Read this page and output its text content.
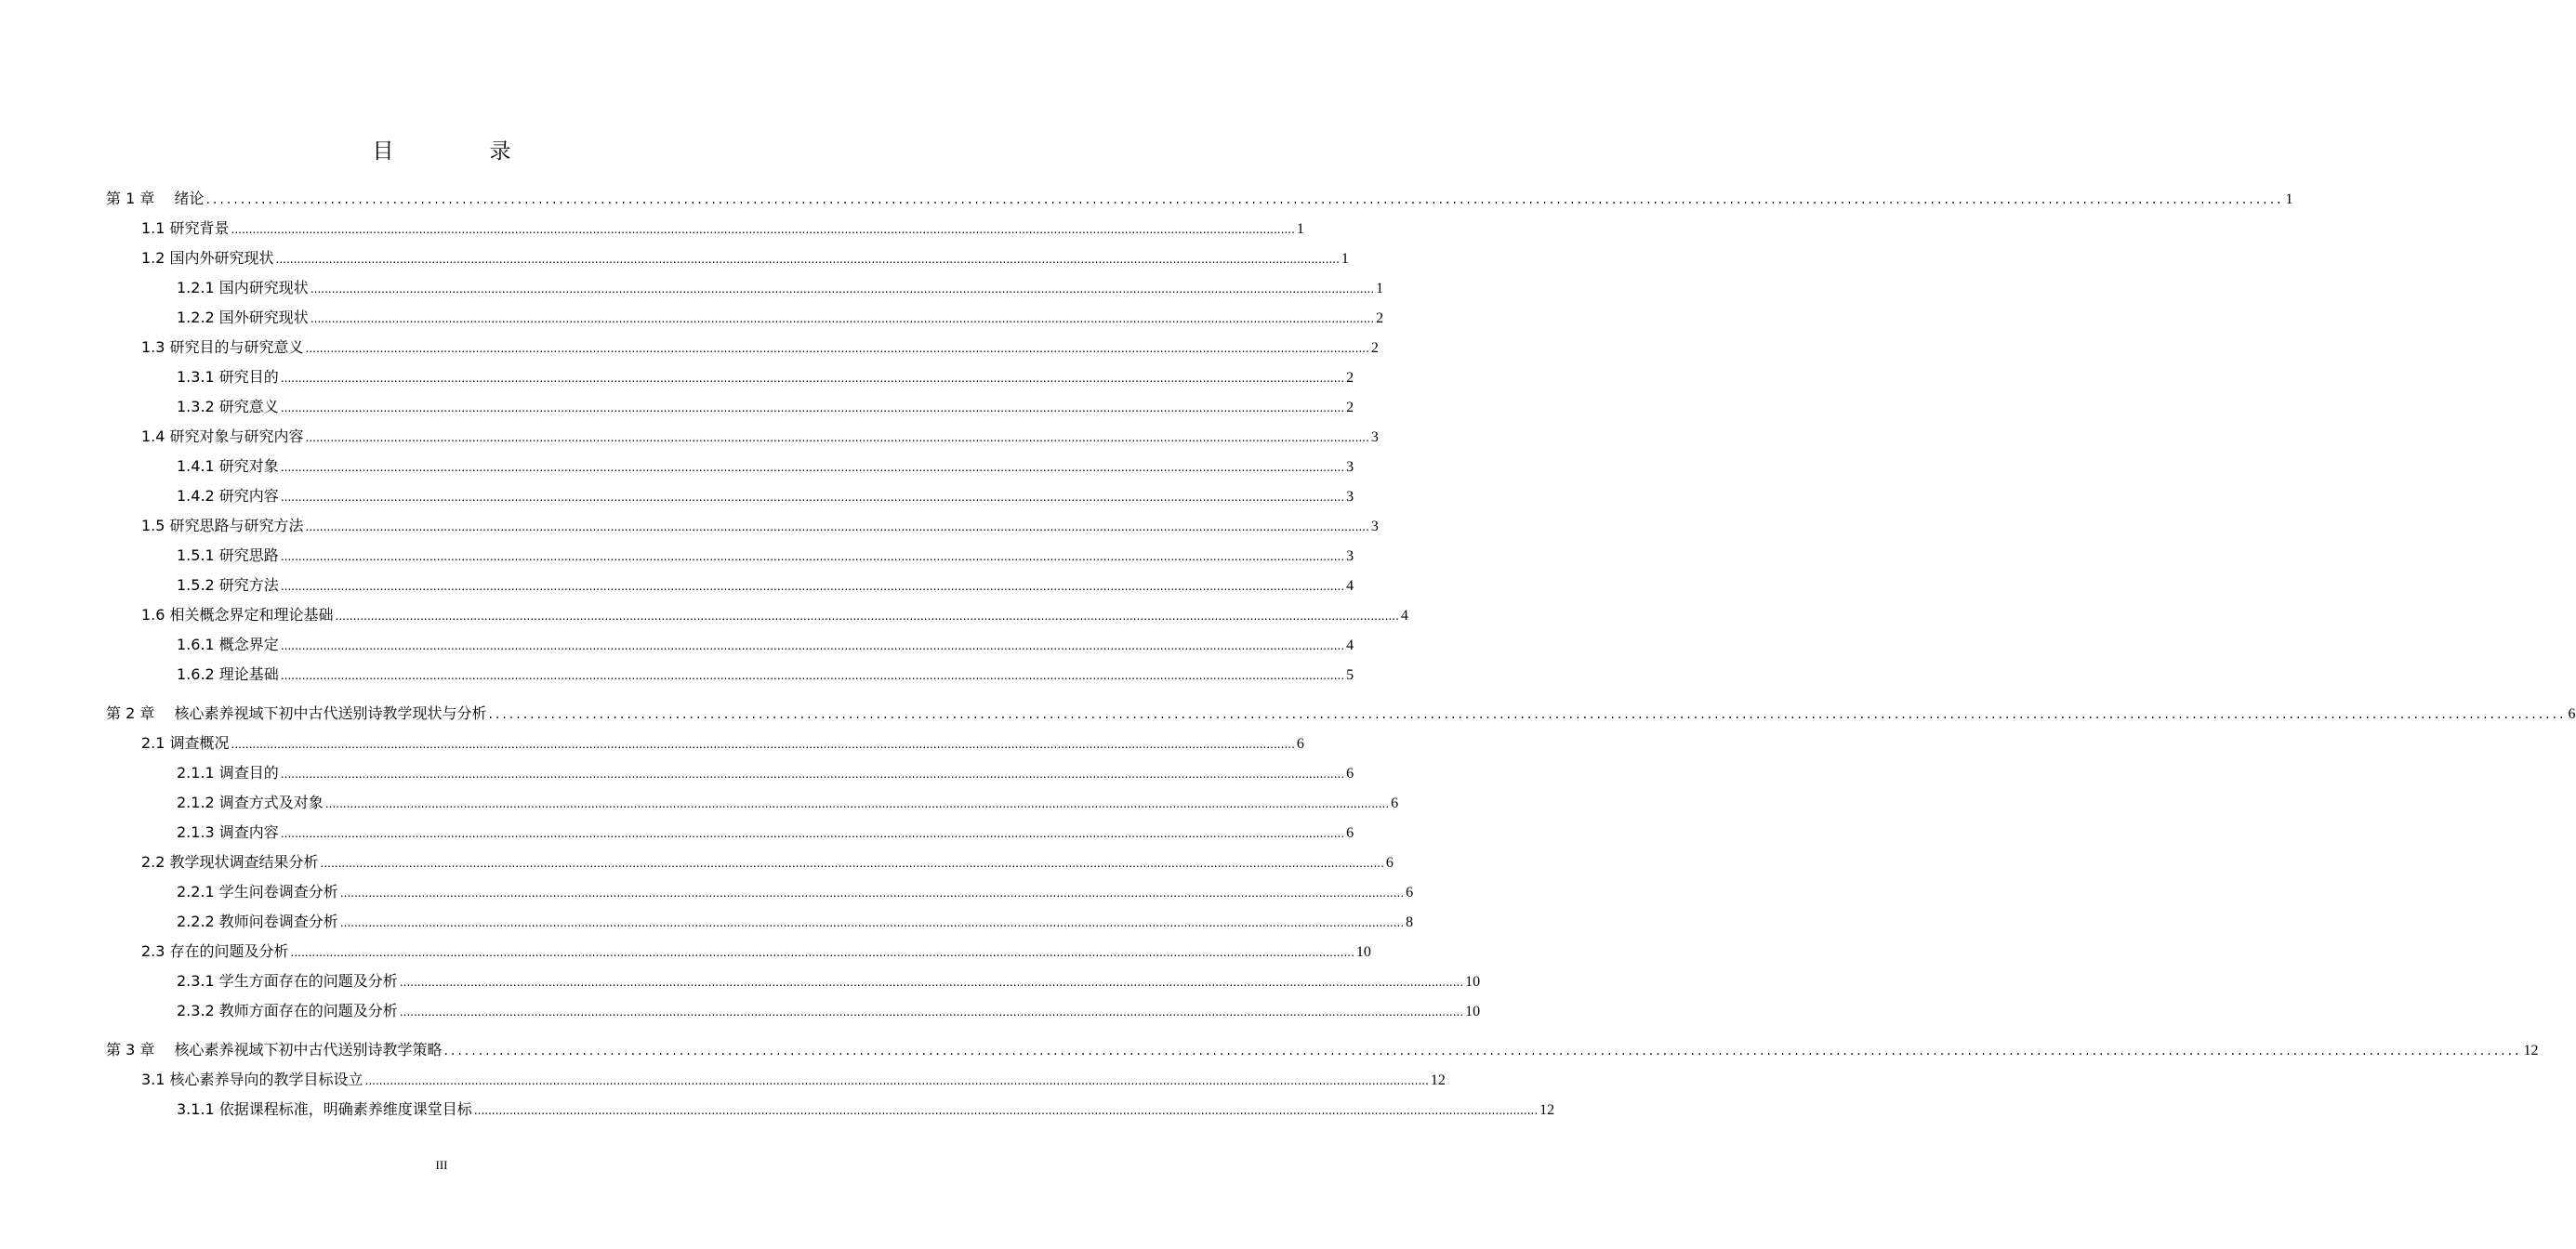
目　录
第 1 章　 绪论 ............................................................................................................................................................................................................................................................................................................ 1
1.1 研究背景 ............................................................................................................................................................................................................................................................................................................ 1
1.2 国内外研究现状 ............................................................................................................................................................................................................................................................................................................ 1
1.2.1 国内研究现状 ............................................................................................................................................................................................................................................................................................................ 1
1.2.2 国外研究现状 ............................................................................................................................................................................................................................................................................................................ 2
1.3 研究目的与研究意义 ............................................................................................................................................................................................................................................................................................................ 2
1.3.1 研究目的 ............................................................................................................................................................................................................................................................................................................ 2
1.3.2 研究意义 ............................................................................................................................................................................................................................................................................................................ 2
1.4 研究对象与研究内容 ............................................................................................................................................................................................................................................................................................................ 3
1.4.1 研究对象 ............................................................................................................................................................................................................................................................................................................ 3
1.4.2 研究内容 ............................................................................................................................................................................................................................................................................................................ 3
1.5 研究思路与研究方法 ............................................................................................................................................................................................................................................................................................................ 3
1.5.1 研究思路 ............................................................................................................................................................................................................................................................................................................ 3
1.5.2 研究方法 ............................................................................................................................................................................................................................................................................................................ 4
1.6 相关概念界定和理论基础 ............................................................................................................................................................................................................................................................................................................ 4
1.6.1 概念界定 ............................................................................................................................................................................................................................................................................................................ 4
1.6.2 理论基础 ............................................................................................................................................................................................................................................................................................................ 5
第 2 章　 核心素养视域下初中古代送别诗教学现状与分析 ............................................................................................................................................................................................................................................................................................................ 6
2.1 调查概况 ............................................................................................................................................................................................................................................................................................................ 6
2.1.1 调查目的 ............................................................................................................................................................................................................................................................................................................ 6
2.1.2 调查方式及对象 ............................................................................................................................................................................................................................................................................................................ 6
2.1.3 调查内容 ............................................................................................................................................................................................................................................................................................................ 6
2.2 教学现状调查结果分析 ............................................................................................................................................................................................................................................................................................................ 6
2.2.1 学生问卷调查分析 ............................................................................................................................................................................................................................................................................................................ 6
2.2.2 教师问卷调查分析 ............................................................................................................................................................................................................................................................................................................ 8
2.3 存在的问题及分析 ............................................................................................................................................................................................................................................................................................................ 10
2.3.1 学生方面存在的问题及分析 ............................................................................................................................................................................................................................................................................................................ 10
2.3.2 教师方面存在的问题及分析 ............................................................................................................................................................................................................................................................................................................ 10
第 3 章　 核心素养视域下初中古代送别诗教学策略 ............................................................................................................................................................................................................................................................................................................ 12
3.1 核心素养导向的教学目标设立 ............................................................................................................................................................................................................................................................................................................ 12
3.1.1 依据课程标准，明确素养维度课堂目标 ............................................................................................................................................................................................................................................................................................................ 12
III
